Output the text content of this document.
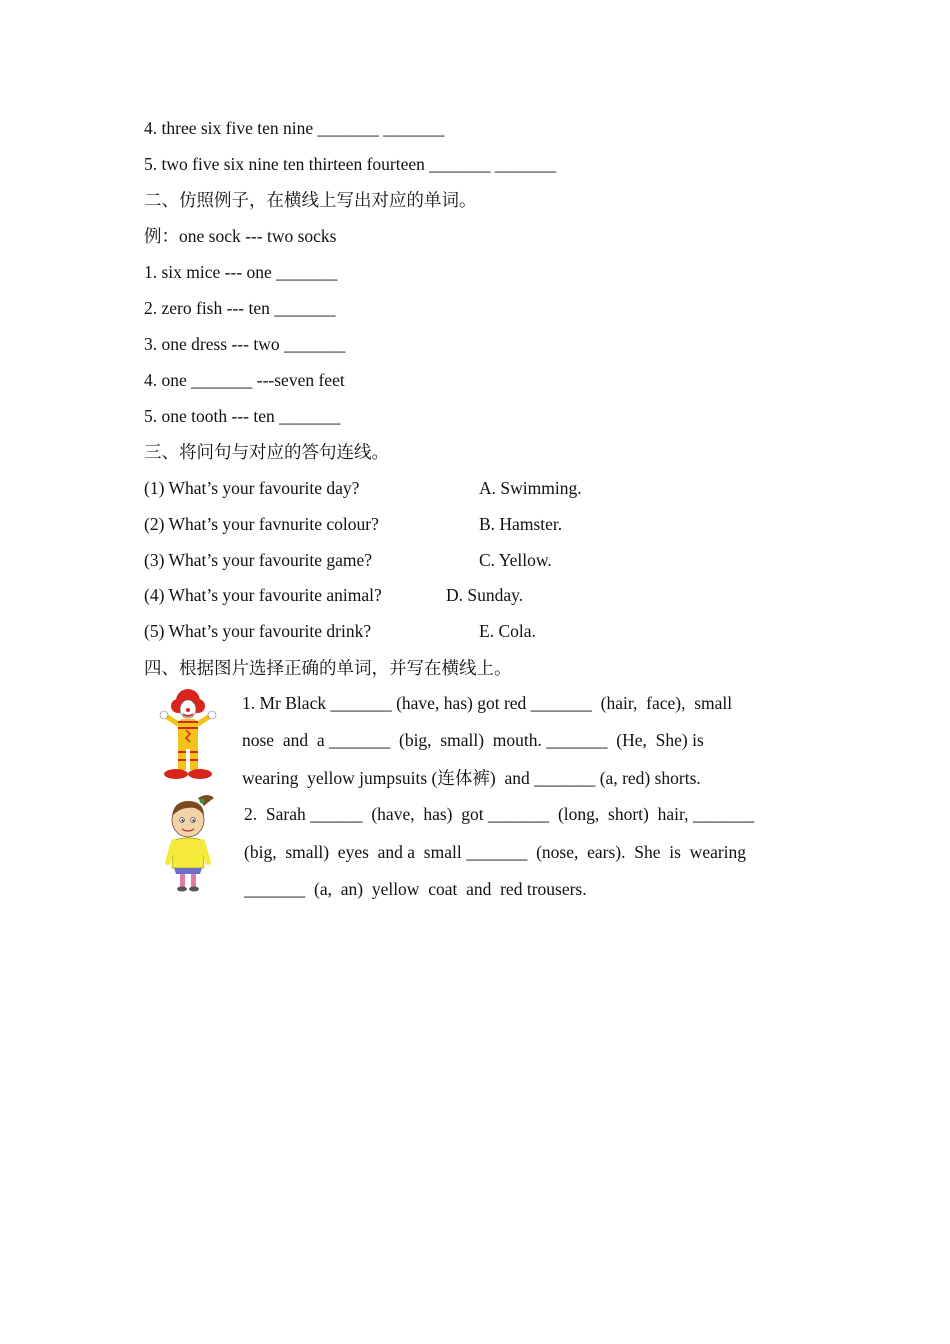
4. three six five ten nine _______ _______
5. two five six nine ten thirteen fourteen _______ _______
二、仿照例子，在横线上写出对应的单词。
例：one sock --- two socks
1. six mice --- one _______
2. zero fish --- ten _______
3. one dress --- two _______
4. one _______ ---seven feet
5. one tooth --- ten _______
三、将问句与对应的答句连线。
(1) What’s your favourite day?	A. Swimming.
(2) What’s your favnurite colour?	B. Hamster.
(3) What’s your favourite game?	C. Yellow.
(4) What’s your favourite animal?	D. Sunday.
(5) What’s your favourite drink?	E. Cola.
四、根据图片选择正确的单词，并写在横线上。
1. Mr Black _______ (have, has) got red _______  (hair,  face),  small
nose  and  a _______  (big,  small)  mouth. _______  (He,  She) is
wearing  yellow jumpsuits (连体裤)  and _______ (a, red) shorts.
2.  Sarah ______  (have,  has)  got _______  (long,  short)  hair, _______
(big,  small)  eyes  and a  small _______  (nose,  ears).  She  is  wearing
_______  (a,  an)  yellow  coat  and  red trousers.
